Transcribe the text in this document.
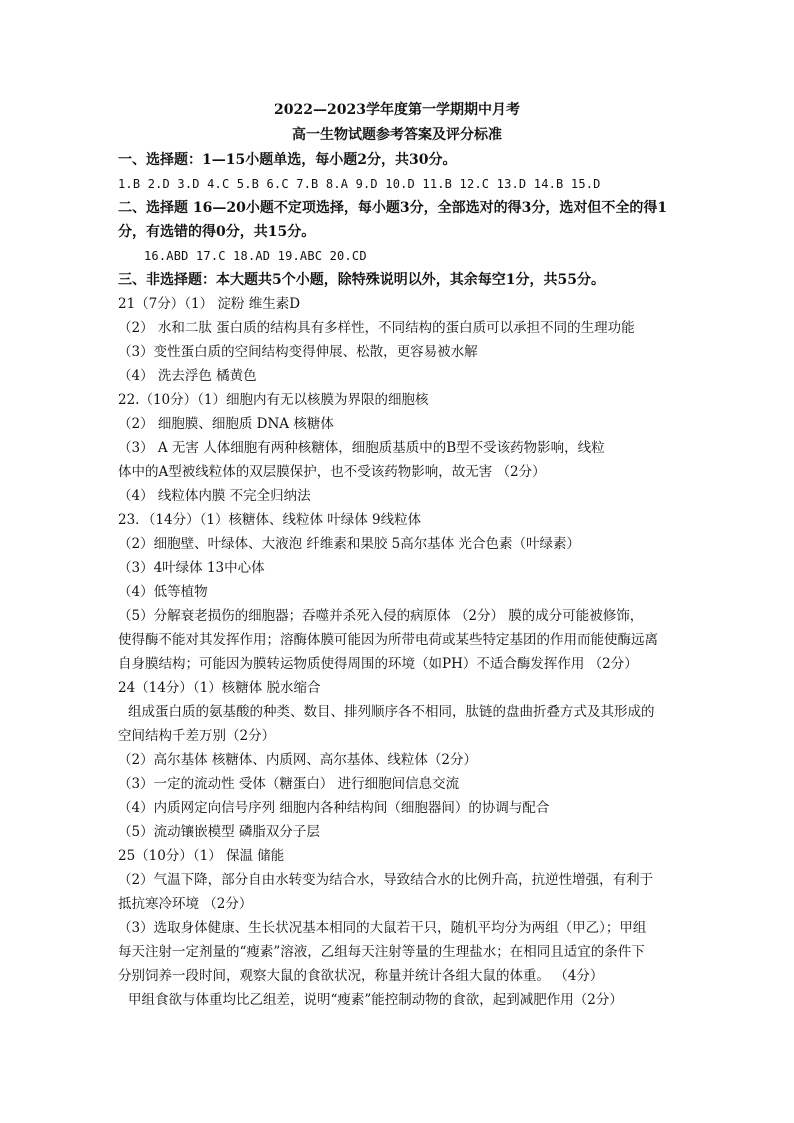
2022—2023学年度第一学期期中月考
高一生物试题参考答案及评分标准
一、选择题：1—15小题单选，每小题2分，共30分。
1.B 2.D 3.D 4.C 5.B 6.C 7.B 8.A 9.D 10.D 11.B 12.C 13.D 14.B 15.D
二、选择题 16—20小题不定项选择，每小题3分，全部选对的得3分，选对但不全的得1
分，有选错的得0分，共15分。
16.ABD 17.C 18.AD 19.ABC 20.CD
三、非选择题：本大题共5个小题，除特殊说明以外，其余每空1分，共55分。
21（7分）（1） 淀粉 维生素D
（2） 水和二肽 蛋白质的结构具有多样性，不同结构的蛋白质可以承担不同的生理功能
（3）变性蛋白质的空间结构变得伸展、松散，更容易被水解
（4） 洗去浮色 橘黄色
22.（10分）（1）细胞内有无以核膜为界限的细胞核
（2） 细胞膜、细胞质 DNA 核糖体
（3） A 无害 人体细胞有两种核糖体，细胞质基质中的B型不受该药物影响，线粒
体中的A型被线粒体的双层膜保护，也不受该药物影响，故无害 （2分）
（4） 线粒体内膜 不完全归纳法
23．（14分）（1）核糖体、线粒体 叶绿体 9线粒体
（2）细胞壁、叶绿体、大液泡 纤维素和果胶 5高尔基体 光合色素（叶绿素）
（3）4叶绿体 13中心体
（4）低等植物
（5）分解衰老损伤的细胞器；吞噬并杀死入侵的病原体 （2分） 膜的成分可能被修饰，
使得酶不能对其发挥作用；溶酶体膜可能因为所带电荷或某些特定基团的作用而能使酶远离
自身膜结构；可能因为膜转运物质使得周围的环境（如PH）不适合酶发挥作用 （2分）
24（14分）（1）核糖体 脱水缩合
组成蛋白质的氨基酸的种类、数目、排列顺序各不相同，肽链的盘曲折叠方式及其形成的
空间结构千差万别（2分）
（2）高尔基体 核糖体、内质网、高尔基体、线粒体（2分）
（3）一定的流动性 受体（糖蛋白） 进行细胞间信息交流
（4）内质网定向信号序列 细胞内各种结构间（细胞器间）的协调与配合
（5）流动镶嵌模型 磷脂双分子层
25（10分）（1） 保温 储能
（2）气温下降，部分自由水转变为结合水，导致结合水的比例升高，抗逆性增强，有利于
抵抗寒冷环境 （2分）
（3）选取身体健康、生长状况基本相同的大鼠若干只，随机平均分为两组（甲乙）；甲组
每天注射一定剂量的“瘦素”溶液，乙组每天注射等量的生理盐水；在相同且适宜的条件下
分别饲养一段时间，观察大鼠的食欲状况，称量并统计各组大鼠的体重。 （4分）
甲组食欲与体重均比乙组差，说明“瘦素”能控制动物的食欲，起到减肥作用（2分）
